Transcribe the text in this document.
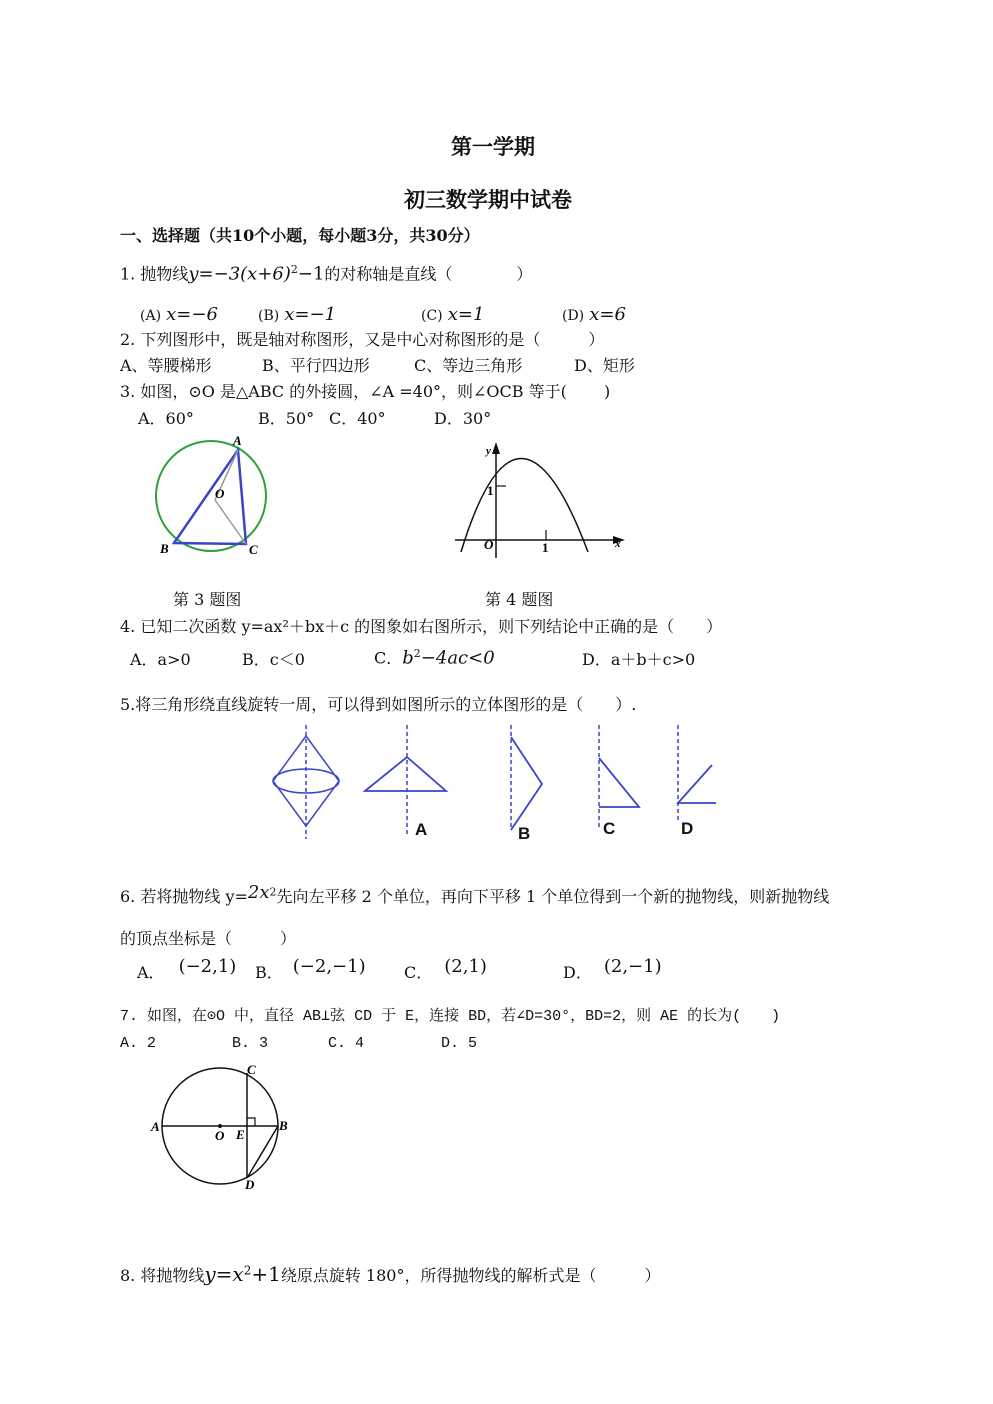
第一学期
初三数学期中试卷
一、选择题（共10个小题，每小题3分，共30分）
1. 抛物线$y=-3(x+6)^2-1$的对称轴是直线（　　　　）
(A) x=−6	(B) x=−1	(C) x=1	(D) x=6
2. 下列图形中，既是轴对称图形，又是中心对称图形的是（　　　）
A、等腰梯形	B、平行四边形	C、等边三角形	D、矩形
3. 如图，⊙O 是△ABC 的外接圆，∠A =40°，则∠OCB 等于(　　 )
A．60°	B．50° C．40°	D．30°
A
O
B	C
y
x
O	1
1
第 3 题图	第 4 题图
4. 已知二次函数 y=ax²＋bx＋c 的图象如右图所示，则下列结论中正确的是（　　）
A．a>0	B．c＜0	C．$b^2-4ac<0$	D．a＋b＋c>0
5.将三角形绕直线旋转一周，可以得到如图所示的立体图形的是（　　）.
A	B	C	D
6. 若将抛物线 $y=2x^2$先向左平移 2 个单位，再向下平移 1 个单位得到一个新的抛物线，则新抛物线
的顶点坐标是（　　　）
A． (−2,1) B． (−2,−1) C． (2,1)	D． (2,−1)
7. 如图，在⊙O 中，直径 AB⊥弦 CD 于 E，连接 BD，若∠D=30°，BD=2，则 AE 的长为(　　)
A. 2	B. 3	C. 4	D. 5
A
O E
B
C
D
8. 将抛物线$y=x^2+1$绕原点旋转 180°，所得抛物线的解析式是（　　　）
